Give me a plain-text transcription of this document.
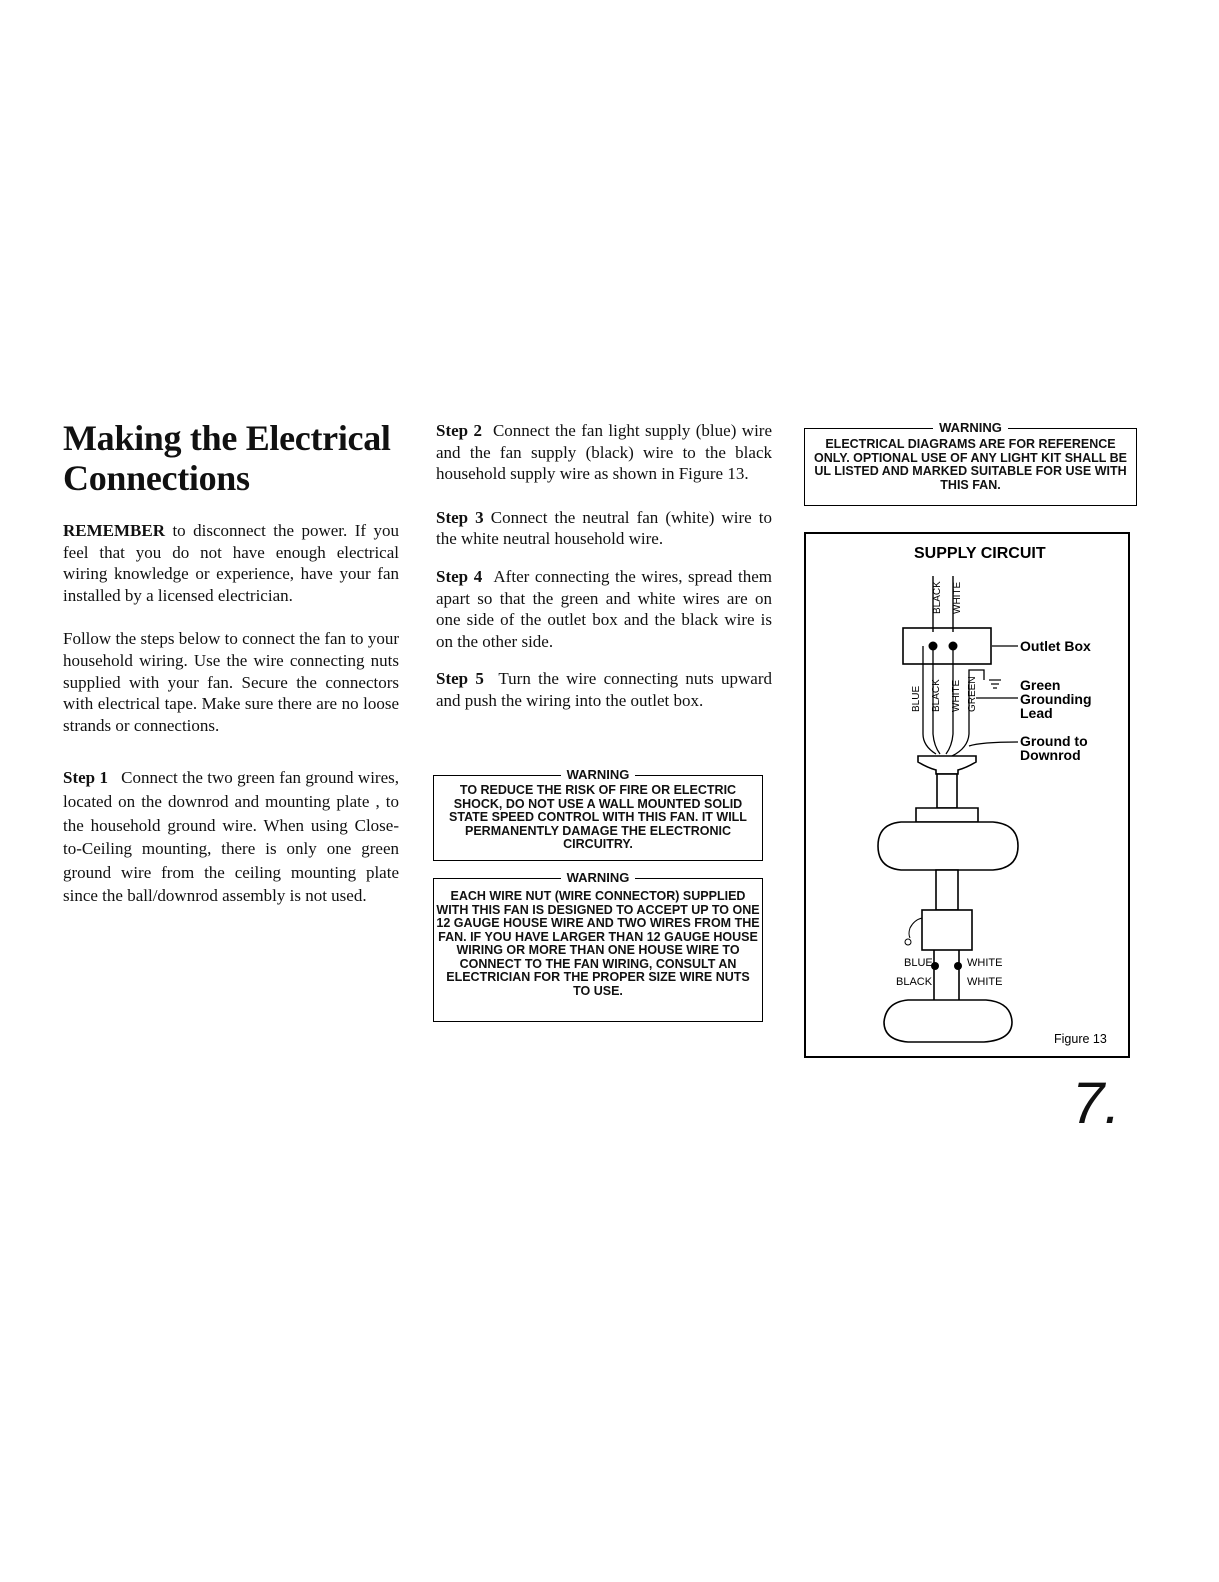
Making the Electrical
Connections

REMEMBER to disconnect the power. If you feel that you do not have enough electrical wiring knowledge or experience, have your fan installed by a licensed electrician.

Follow the steps below to connect the fan to your household wiring. Use the wire connecting nuts supplied with your fan. Secure the connectors with electrical tape. Make sure there are no loose strands or connections.

Step 1 Connect the two green fan ground wires, located on the downrod and mounting plate , to the household ground wire. When using Close-to-Ceiling mounting, there is only one green ground wire from the ceiling mounting plate since the ball/downrod assembly is not used.

Step 2 Connect the fan light supply (blue) wire and the fan supply (black) wire to the black household supply wire as shown in Figure 13.

Step 3 Connect the neutral fan (white) wire to the white neutral household wire.

Step 4 After connecting the wires, spread them apart so that the green and white wires are on one side of the outlet box and the black wire is on the other side.

Step 5 Turn the wire connecting nuts upward and push the wiring into the outlet box.

WARNING
TO REDUCE THE RISK OF FIRE OR ELECTRIC SHOCK, DO NOT USE A WALL MOUNTED SOLID STATE SPEED CONTROL WITH THIS FAN. IT WILL PERMANENTLY DAMAGE THE ELECTRONIC CIRCUITRY.
WARNING
EACH WIRE NUT (WIRE CONNECTOR) SUPPLIED WITH THIS FAN IS DESIGNED TO ACCEPT UP TO ONE 12 GAUGE HOUSE WIRE AND TWO WIRES FROM THE FAN. IF YOU HAVE LARGER THAN 12 GAUGE HOUSE WIRING OR MORE THAN ONE HOUSE WIRE TO CONNECT TO THE FAN WIRING, CONSULT AN ELECTRICIAN FOR THE PROPER SIZE WIRE NUTS TO USE.
WARNING
ELECTRICAL DIAGRAMS ARE FOR REFERENCE ONLY. OPTIONAL USE OF ANY LIGHT KIT SHALL BE UL LISTED AND MARKED SUITABLE FOR USE WITH THIS FAN.
SUPPLY CIRCUIT
BLACK WHITE
Outlet Box
BLUE BLACK WHITE GREEN	Green
Grounding
Lead
Ground to
Downrod
BLUE
BLACK
WHITE
WHITE
Figure 13
7.
